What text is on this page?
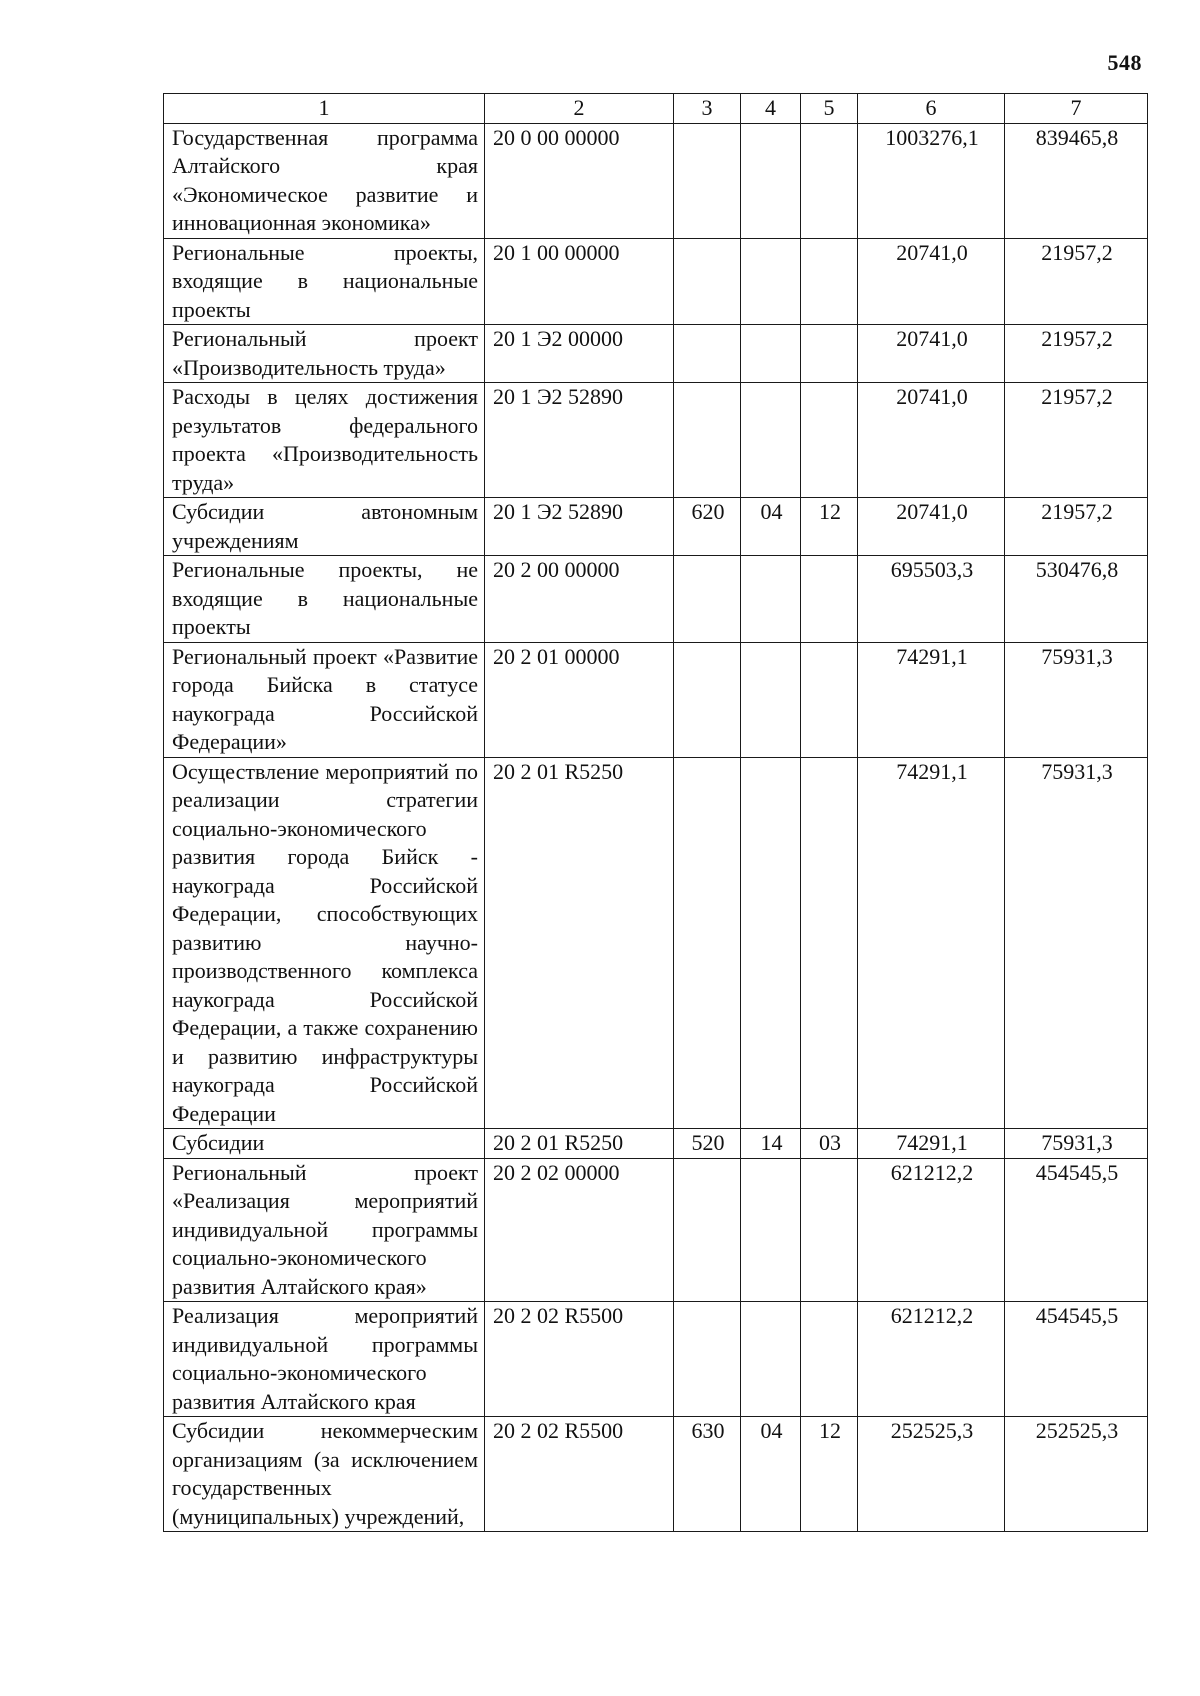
548
1	2	3	4	5	6	7
Государственная программа Алтайского края «Экономическое развитие и инновационная экономика»	20 0 00 00000				1003276,1	839465,8
Региональные проекты, входящие в национальные проекты	20 1 00 00000				20741,0	21957,2
Региональный проект «Производительность труда»	20 1 Э2 00000				20741,0	21957,2
Расходы в целях достижения результатов федерального проекта «Производительность труда»	20 1 Э2 52890				20741,0	21957,2
Субсидии автономным учреждениям	20 1 Э2 52890	620	04	12	20741,0	21957,2
Региональные проекты, не входящие в национальные проекты	20 2 00 00000				695503,3	530476,8
Региональный проект «Развитие города Бийска в статусе наукограда Российской Федерации»	20 2 01 00000				74291,1	75931,3
Осуществление мероприятий по реализации стратегии социально-экономического развития города Бийск - наукограда Российской Федерации, способствующих развитию научно-производственного комплекса наукограда Российской Федерации, а также сохранению и развитию инфраструктуры наукограда Российской Федерации	20 2 01 R5250				74291,1	75931,3
Субсидии	20 2 01 R5250	520	14	03	74291,1	75931,3
Региональный проект «Реализация мероприятий индивидуальной программы социально-экономического развития Алтайского края»	20 2 02 00000				621212,2	454545,5
Реализация мероприятий индивидуальной программы социально-экономического развития Алтайского края	20 2 02 R5500				621212,2	454545,5
Субсидии некоммерческим организациям (за исключением государственных (муниципальных) учреждений,	20 2 02 R5500	630	04	12	252525,3	252525,3
